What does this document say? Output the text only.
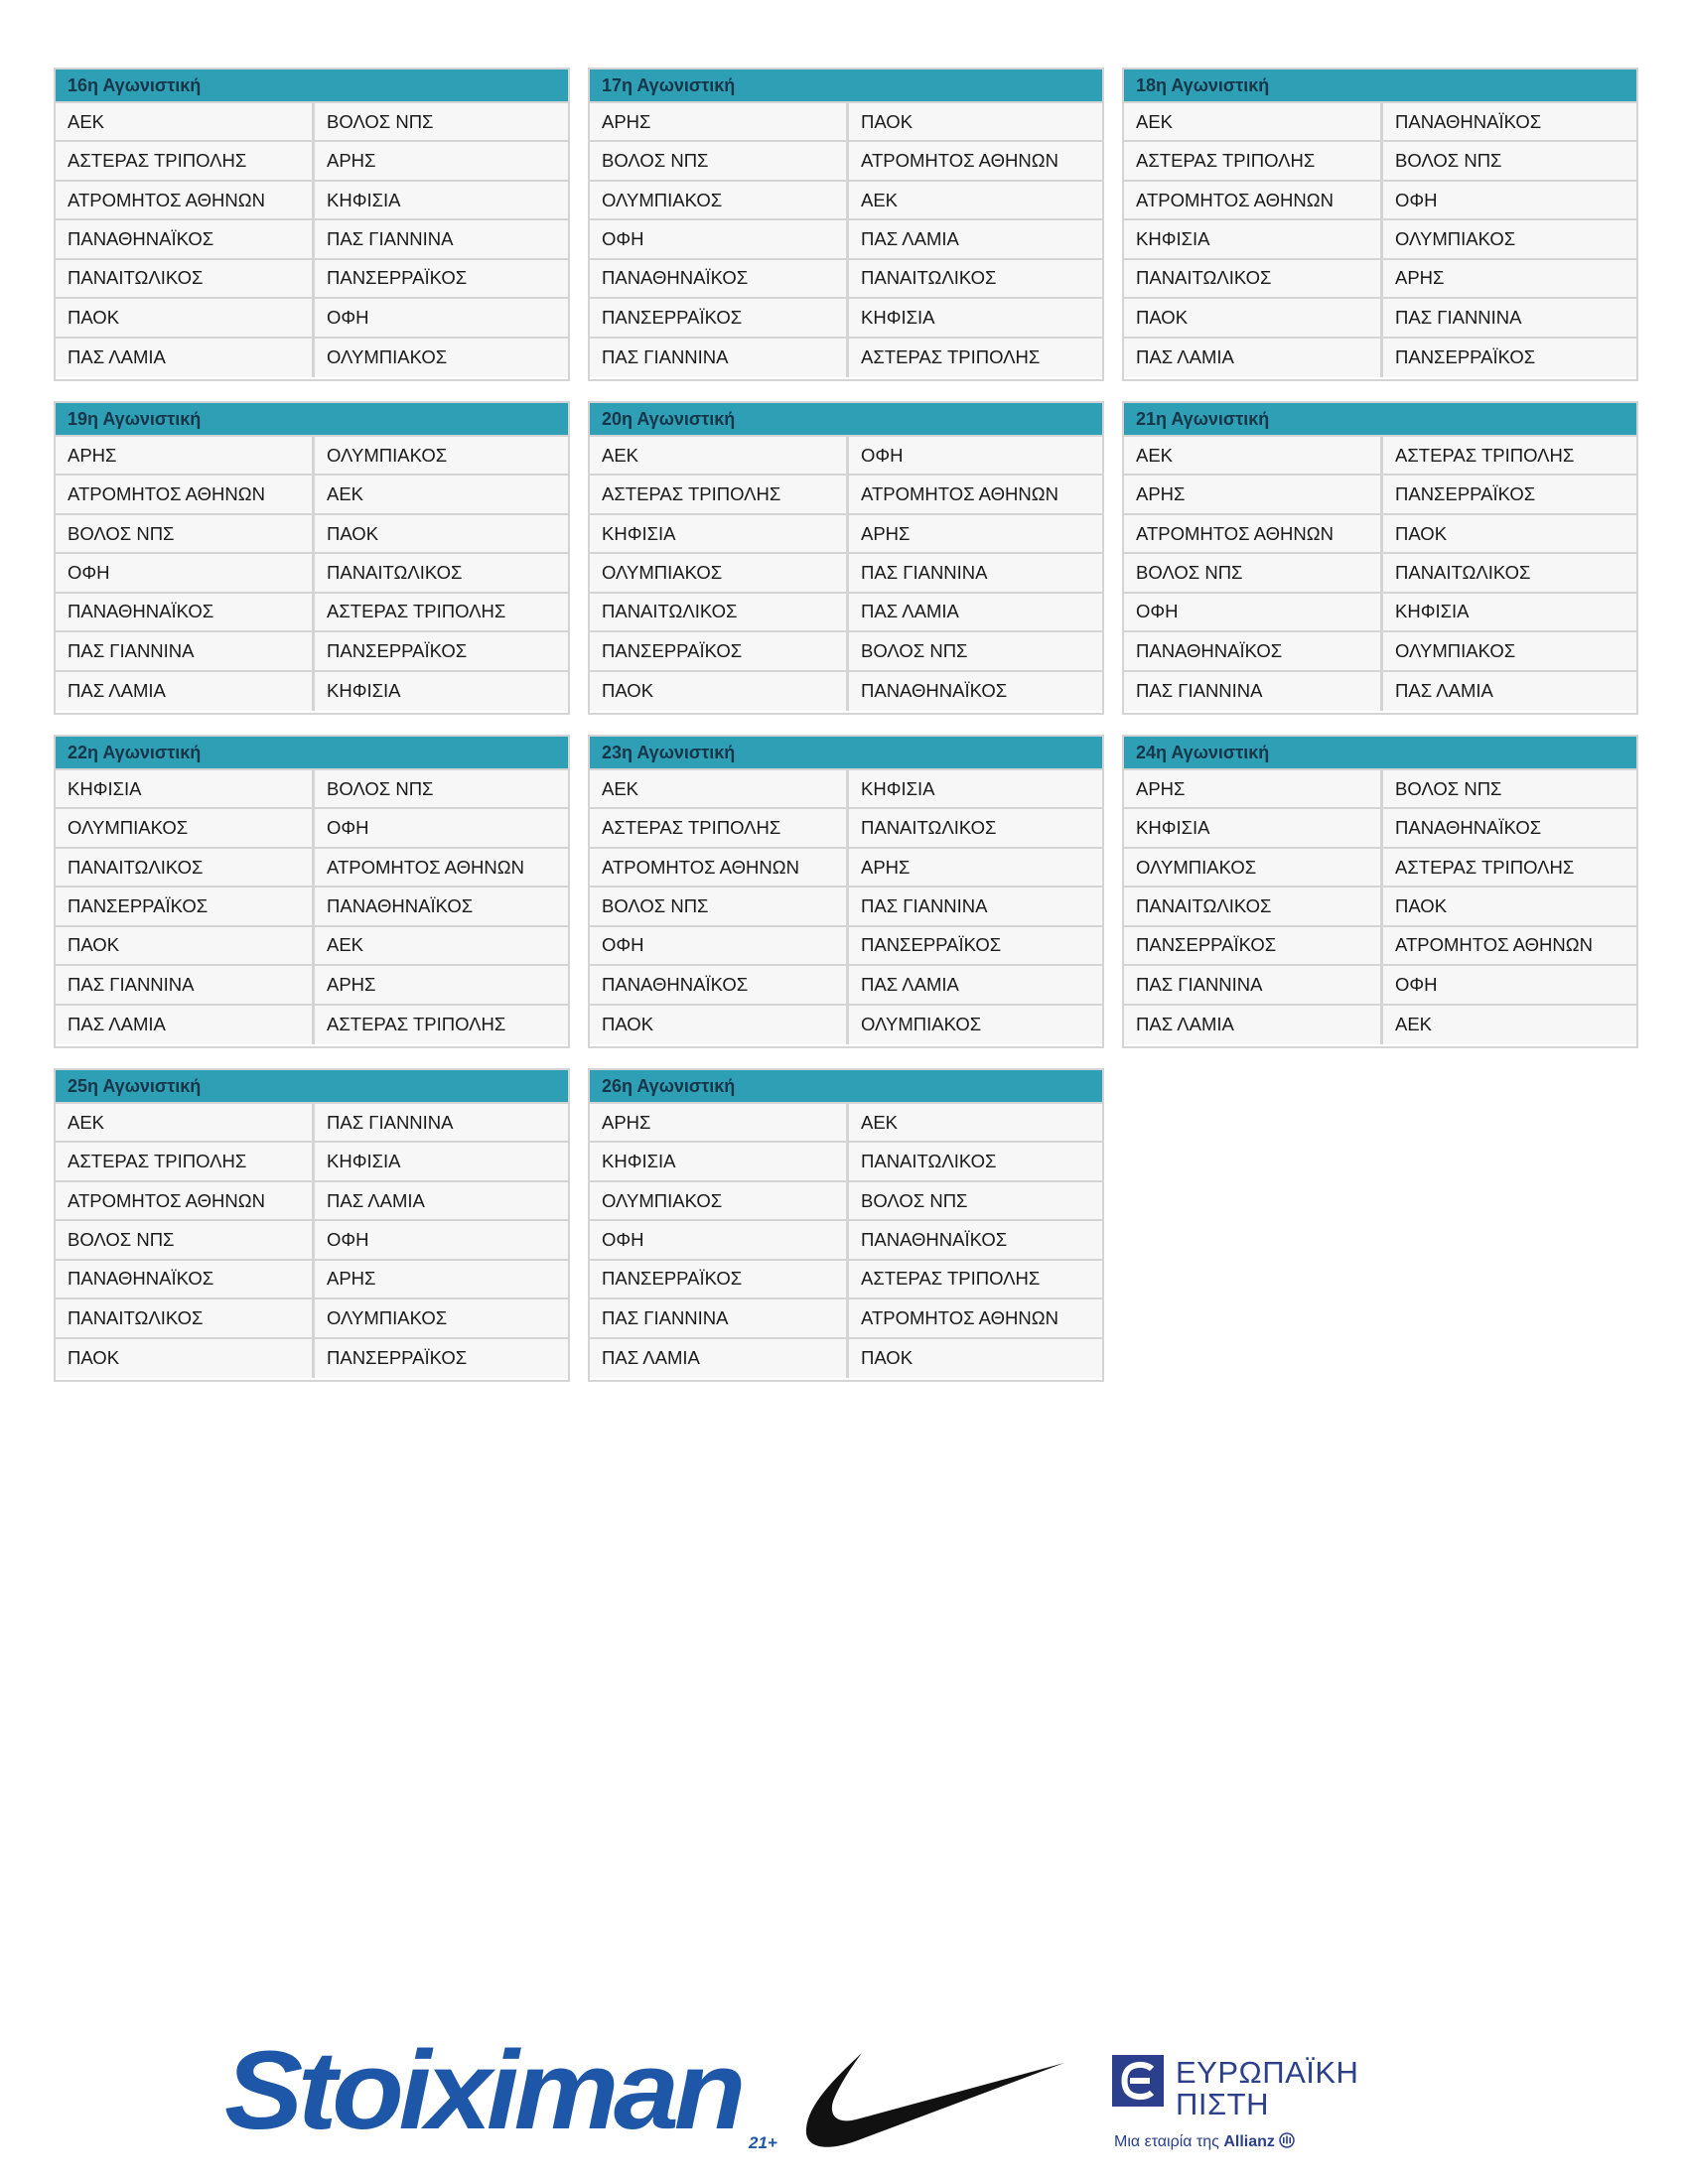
16η Αγωνιστική
ΑΕΚ	ΒΟΛΟΣ ΝΠΣ
ΑΣΤΕΡΑΣ ΤΡΙΠΟΛΗΣ	ΑΡΗΣ
ΑΤΡΟΜΗΤΟΣ ΑΘΗΝΩΝ	ΚΗΦΙΣΙΑ
ΠΑΝΑΘΗΝΑΪΚΟΣ	ΠΑΣ ΓΙΑΝΝΙΝΑ
ΠΑΝΑΙΤΩΛΙΚΟΣ	ΠΑΝΣΕΡΡΑΪΚΟΣ
ΠΑΟΚ	ΟΦΗ
ΠΑΣ ΛΑΜΙΑ	ΟΛΥΜΠΙΑΚΟΣ
17η Αγωνιστική
ΑΡΗΣ	ΠΑΟΚ
ΒΟΛΟΣ ΝΠΣ	ΑΤΡΟΜΗΤΟΣ ΑΘΗΝΩΝ
ΟΛΥΜΠΙΑΚΟΣ	ΑΕΚ
ΟΦΗ	ΠΑΣ ΛΑΜΙΑ
ΠΑΝΑΘΗΝΑΪΚΟΣ	ΠΑΝΑΙΤΩΛΙΚΟΣ
ΠΑΝΣΕΡΡΑΪΚΟΣ	ΚΗΦΙΣΙΑ
ΠΑΣ ΓΙΑΝΝΙΝΑ	ΑΣΤΕΡΑΣ ΤΡΙΠΟΛΗΣ
18η Αγωνιστική
ΑΕΚ	ΠΑΝΑΘΗΝΑΪΚΟΣ
ΑΣΤΕΡΑΣ ΤΡΙΠΟΛΗΣ	ΒΟΛΟΣ ΝΠΣ
ΑΤΡΟΜΗΤΟΣ ΑΘΗΝΩΝ	ΟΦΗ
ΚΗΦΙΣΙΑ	ΟΛΥΜΠΙΑΚΟΣ
ΠΑΝΑΙΤΩΛΙΚΟΣ	ΑΡΗΣ
ΠΑΟΚ	ΠΑΣ ΓΙΑΝΝΙΝΑ
ΠΑΣ ΛΑΜΙΑ	ΠΑΝΣΕΡΡΑΪΚΟΣ
19η Αγωνιστική
ΑΡΗΣ	ΟΛΥΜΠΙΑΚΟΣ
ΑΤΡΟΜΗΤΟΣ ΑΘΗΝΩΝ	ΑΕΚ
ΒΟΛΟΣ ΝΠΣ	ΠΑΟΚ
ΟΦΗ	ΠΑΝΑΙΤΩΛΙΚΟΣ
ΠΑΝΑΘΗΝΑΪΚΟΣ	ΑΣΤΕΡΑΣ ΤΡΙΠΟΛΗΣ
ΠΑΣ ΓΙΑΝΝΙΝΑ	ΠΑΝΣΕΡΡΑΪΚΟΣ
ΠΑΣ ΛΑΜΙΑ	ΚΗΦΙΣΙΑ
20η Αγωνιστική
ΑΕΚ	ΟΦΗ
ΑΣΤΕΡΑΣ ΤΡΙΠΟΛΗΣ	ΑΤΡΟΜΗΤΟΣ ΑΘΗΝΩΝ
ΚΗΦΙΣΙΑ	ΑΡΗΣ
ΟΛΥΜΠΙΑΚΟΣ	ΠΑΣ ΓΙΑΝΝΙΝΑ
ΠΑΝΑΙΤΩΛΙΚΟΣ	ΠΑΣ ΛΑΜΙΑ
ΠΑΝΣΕΡΡΑΪΚΟΣ	ΒΟΛΟΣ ΝΠΣ
ΠΑΟΚ	ΠΑΝΑΘΗΝΑΪΚΟΣ
21η Αγωνιστική
ΑΕΚ	ΑΣΤΕΡΑΣ ΤΡΙΠΟΛΗΣ
ΑΡΗΣ	ΠΑΝΣΕΡΡΑΪΚΟΣ
ΑΤΡΟΜΗΤΟΣ ΑΘΗΝΩΝ	ΠΑΟΚ
ΒΟΛΟΣ ΝΠΣ	ΠΑΝΑΙΤΩΛΙΚΟΣ
ΟΦΗ	ΚΗΦΙΣΙΑ
ΠΑΝΑΘΗΝΑΪΚΟΣ	ΟΛΥΜΠΙΑΚΟΣ
ΠΑΣ ΓΙΑΝΝΙΝΑ	ΠΑΣ ΛΑΜΙΑ
22η Αγωνιστική
ΚΗΦΙΣΙΑ	ΒΟΛΟΣ ΝΠΣ
ΟΛΥΜΠΙΑΚΟΣ	ΟΦΗ
ΠΑΝΑΙΤΩΛΙΚΟΣ	ΑΤΡΟΜΗΤΟΣ ΑΘΗΝΩΝ
ΠΑΝΣΕΡΡΑΪΚΟΣ	ΠΑΝΑΘΗΝΑΪΚΟΣ
ΠΑΟΚ	ΑΕΚ
ΠΑΣ ΓΙΑΝΝΙΝΑ	ΑΡΗΣ
ΠΑΣ ΛΑΜΙΑ	ΑΣΤΕΡΑΣ ΤΡΙΠΟΛΗΣ
23η Αγωνιστική
ΑΕΚ	ΚΗΦΙΣΙΑ
ΑΣΤΕΡΑΣ ΤΡΙΠΟΛΗΣ	ΠΑΝΑΙΤΩΛΙΚΟΣ
ΑΤΡΟΜΗΤΟΣ ΑΘΗΝΩΝ	ΑΡΗΣ
ΒΟΛΟΣ ΝΠΣ	ΠΑΣ ΓΙΑΝΝΙΝΑ
ΟΦΗ	ΠΑΝΣΕΡΡΑΪΚΟΣ
ΠΑΝΑΘΗΝΑΪΚΟΣ	ΠΑΣ ΛΑΜΙΑ
ΠΑΟΚ	ΟΛΥΜΠΙΑΚΟΣ
24η Αγωνιστική
ΑΡΗΣ	ΒΟΛΟΣ ΝΠΣ
ΚΗΦΙΣΙΑ	ΠΑΝΑΘΗΝΑΪΚΟΣ
ΟΛΥΜΠΙΑΚΟΣ	ΑΣΤΕΡΑΣ ΤΡΙΠΟΛΗΣ
ΠΑΝΑΙΤΩΛΙΚΟΣ	ΠΑΟΚ
ΠΑΝΣΕΡΡΑΪΚΟΣ	ΑΤΡΟΜΗΤΟΣ ΑΘΗΝΩΝ
ΠΑΣ ΓΙΑΝΝΙΝΑ	ΟΦΗ
ΠΑΣ ΛΑΜΙΑ	ΑΕΚ
25η Αγωνιστική
ΑΕΚ	ΠΑΣ ΓΙΑΝΝΙΝΑ
ΑΣΤΕΡΑΣ ΤΡΙΠΟΛΗΣ	ΚΗΦΙΣΙΑ
ΑΤΡΟΜΗΤΟΣ ΑΘΗΝΩΝ	ΠΑΣ ΛΑΜΙΑ
ΒΟΛΟΣ ΝΠΣ	ΟΦΗ
ΠΑΝΑΘΗΝΑΪΚΟΣ	ΑΡΗΣ
ΠΑΝΑΙΤΩΛΙΚΟΣ	ΟΛΥΜΠΙΑΚΟΣ
ΠΑΟΚ	ΠΑΝΣΕΡΡΑΪΚΟΣ
26η Αγωνιστική
ΑΡΗΣ	ΑΕΚ
ΚΗΦΙΣΙΑ	ΠΑΝΑΙΤΩΛΙΚΟΣ
ΟΛΥΜΠΙΑΚΟΣ	ΒΟΛΟΣ ΝΠΣ
ΟΦΗ	ΠΑΝΑΘΗΝΑΪΚΟΣ
ΠΑΝΣΕΡΡΑΪΚΟΣ	ΑΣΤΕΡΑΣ ΤΡΙΠΟΛΗΣ
ΠΑΣ ΓΙΑΝΝΙΝΑ	ΑΤΡΟΜΗΤΟΣ ΑΘΗΝΩΝ
ΠΑΣ ΛΑΜΙΑ	ΠΑΟΚ
Stoiximan 21+
ΕΥΡΩΠΑΪΚΗ
ΠΙΣΤΗ
Μια εταιρία της Allianz
